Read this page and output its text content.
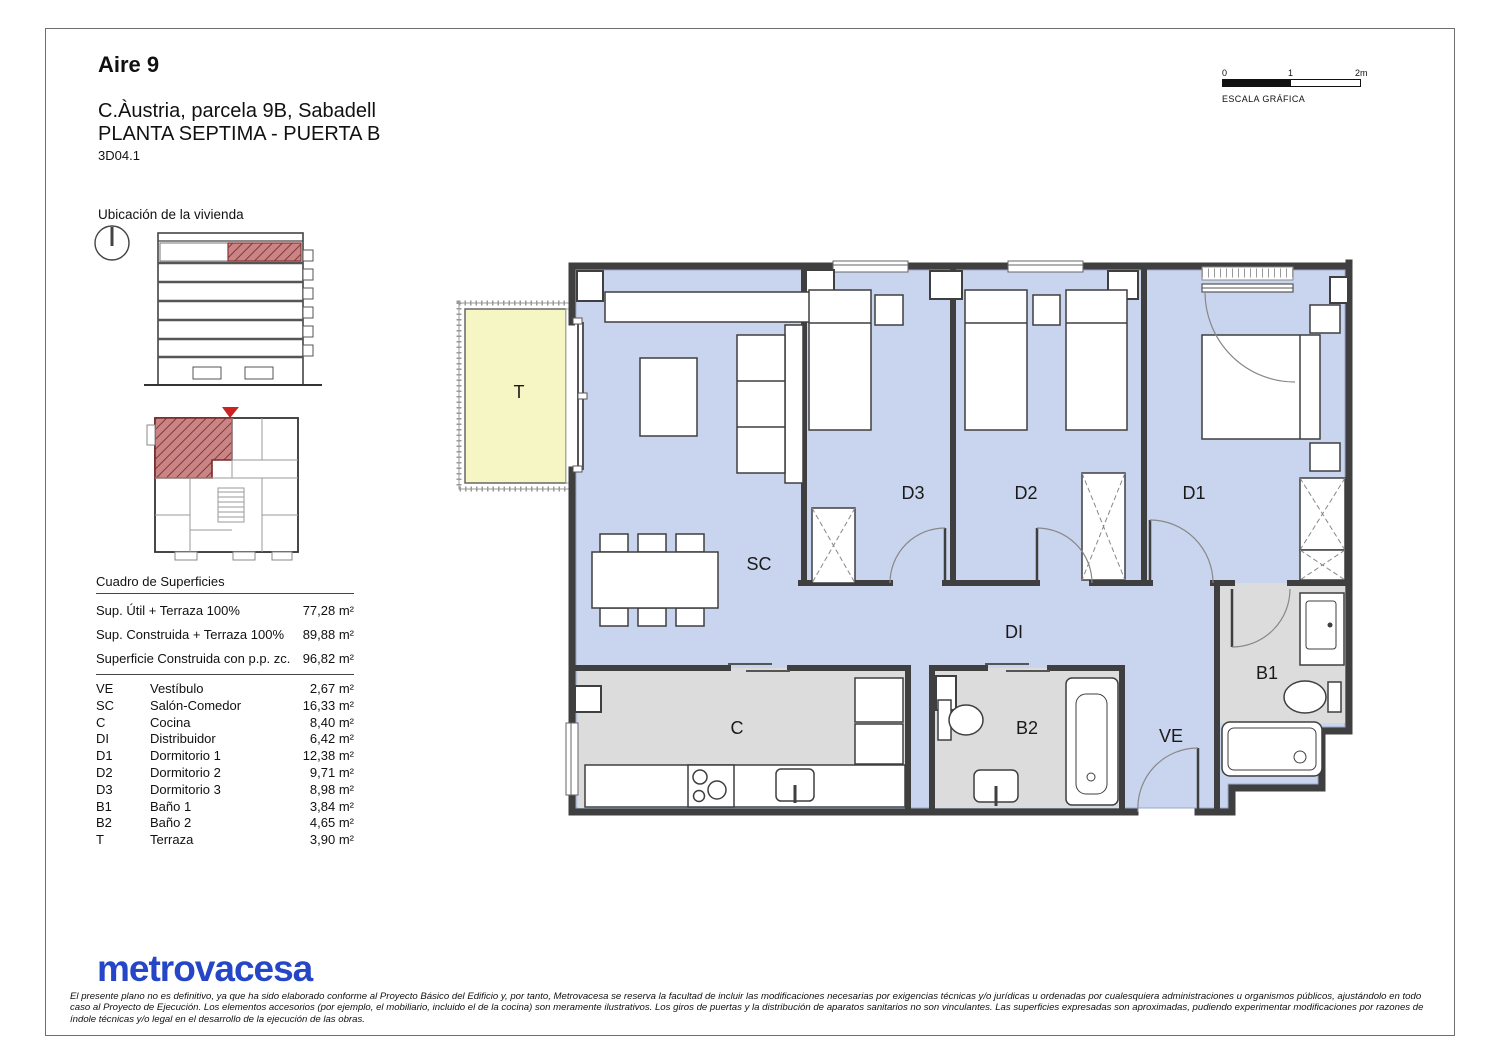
T
SC
D3	D2	D1
DI
C	B2	VE
B1

Aire 9

C.Àustria, parcela 9B, Sabadell

PLANTA SEPTIMA - PUERTA B

3D04.1

Ubicación de la vivienda
0	1	2m
ESCALA GRÁFICA
Cuadro de Superficies
Sup. Útil + Terraza 100%	77,28 m²
Sup. Construida + Terraza 100%	89,88 m²
Superficie Construida con p.p. zc. 96,82 m²
VE	Vestíbulo	2,67 m²
SC	Salón-Comedor	16,33 m²
C	Cocina	8,40 m²
DI	Distribuidor	6,42 m²
D1	Dormitorio 1	12,38 m²
D2	Dormitorio 2	9,71 m²
D3	Dormitorio 3	8,98 m²
B1	Baño 1	3,84 m²
B2	Baño 2	4,65 m²
T	Terraza	3,90 m²
metrovacesa
El presente plano no es definitivo, ya que ha sido elaborado conforme al Proyecto Básico del Edificio y, por tanto, Metrovacesa se reserva la facultad de incluir las modificaciones necesarias por exigencias técnicas y/o jurídicas u ordenadas por cualesquiera administraciones u organismos públicos, ajustándolo en todo caso al Proyecto de Ejecución. Los elementos accesorios (por ejemplo, el mobiliario, incluido el de la cocina) son meramente ilustrativos. Los giros de puertas y la distribución de aparatos sanitarios no son vinculantes. Las superficies expresadas son aproximadas, pudiendo experimentar modificaciones por razones de índole técnicas y/o legal en el desarrollo de la ejecución de las obras.
